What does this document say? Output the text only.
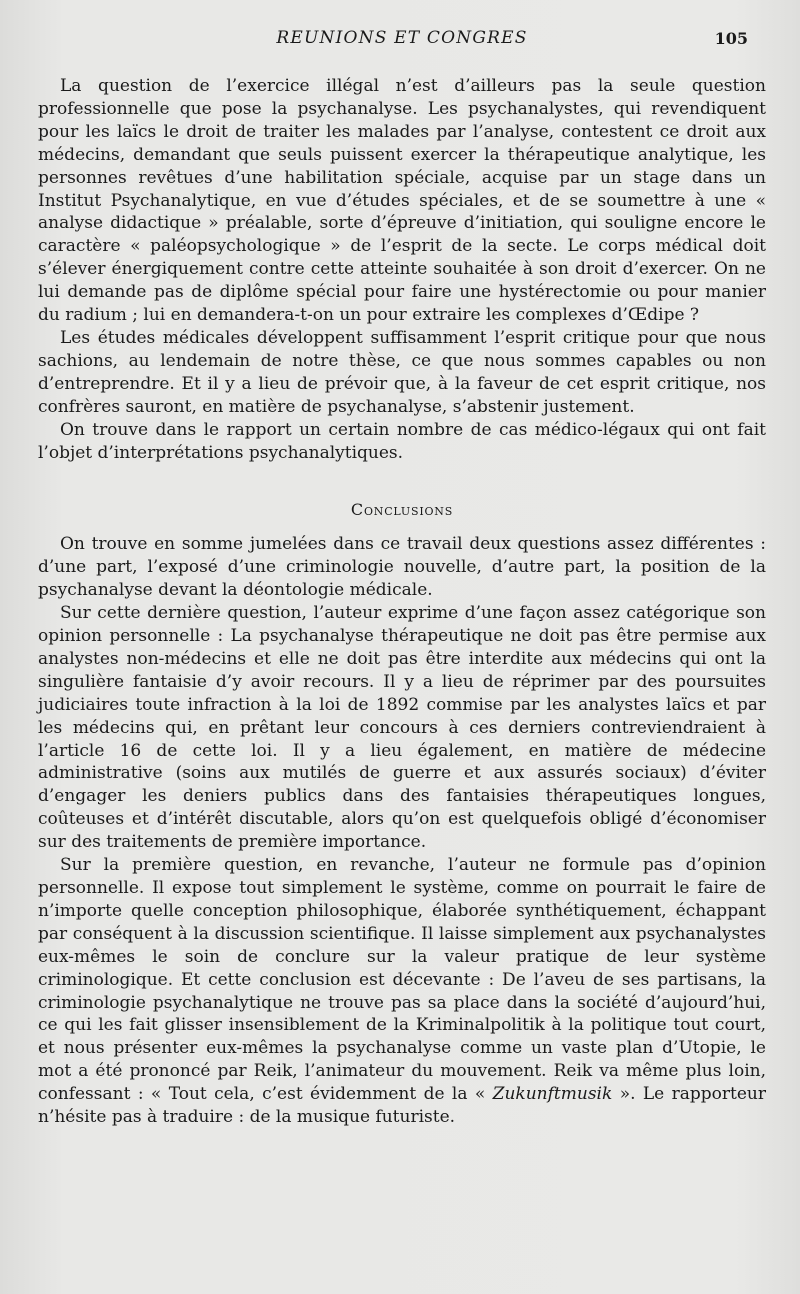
REUNIONS ET CONGRES	105

La question de l’exercice illégal n’est d’ailleurs pas la seule question professionnelle que pose la psychanalyse. Les psychanalystes, qui revendiquent pour les laïcs le droit de traiter les malades par l’analyse, contestent ce droit aux médecins, demandant que seuls puissent exercer la thérapeutique analytique, les personnes revêtues d’une habilitation spéciale, acquise par un stage dans un Institut Psychanalytique, en vue d’études spéciales, et de se soumettre à une « analyse didactique » préalable, sorte d’épreuve d’initiation, qui souligne encore le caractère « paléopsychologique » de l’esprit de la secte. Le corps médical doit s’élever énergiquement contre cette atteinte souhaitée à son droit d’exercer. On ne lui demande pas de diplôme spécial pour faire une hystérectomie ou pour manier du radium ; lui en demandera-t-on un pour extraire les complexes d’Œdipe ?

Les études médicales développent suffisamment l’esprit critique pour que nous sachions, au lendemain de notre thèse, ce que nous sommes capables ou non d’entreprendre. Et il y a lieu de prévoir que, à la faveur de cet esprit critique, nos confrères sauront, en matière de psychanalyse, s’abstenir justement.

On trouve dans le rapport un certain nombre de cas médico-légaux qui ont fait l’objet d’interprétations psychanalytiques.

Conclusions

On trouve en somme jumelées dans ce travail deux questions assez différentes : d’une part, l’exposé d’une criminologie nouvelle, d’autre part, la position de la psychanalyse devant la déontologie médicale.

Sur cette dernière question, l’auteur exprime d’une façon assez catégorique son opinion personnelle : La psychanalyse thérapeutique ne doit pas être permise aux analystes non-médecins et elle ne doit pas être interdite aux médecins qui ont la singulière fantaisie d’y avoir recours. Il y a lieu de réprimer par des poursuites judiciaires toute infraction à la loi de 1892 commise par les analystes laïcs et par les médecins qui, en prêtant leur concours à ces derniers contreviendraient à l’article 16 de cette loi. Il y a lieu également, en matière de médecine administrative (soins aux mutilés de guerre et aux assurés sociaux) d’éviter d’engager les deniers publics dans des fantaisies thérapeutiques longues, coûteuses et d’intérêt discutable, alors qu’on est quelquefois obligé d’économiser sur des traitements de première importance.

Sur la première question, en revanche, l’auteur ne formule pas d’opinion personnelle. Il expose tout simplement le système, comme on pourrait le faire de n’importe quelle conception philosophique, élaborée synthétiquement, échappant par conséquent à la discussion scientifique. Il laisse simplement aux psychanalystes eux-mêmes le soin de conclure sur la valeur pratique de leur système criminologique. Et cette conclusion est décevante : De l’aveu de ses partisans, la criminologie psychanalytique ne trouve pas sa place dans la société d’aujourd’hui, ce qui les fait glisser insensiblement de la Kriminalpolitik à la politique tout court, et nous présenter eux-mêmes la psychanalyse comme un vaste plan d’Utopie, le mot a été prononcé par Reik, l’animateur du mouvement. Reik va même plus loin, confessant : « Tout cela, c’est évidemment de la « Zukunftmusik ». Le rapporteur n’hésite pas à traduire : de la musique futuriste.
